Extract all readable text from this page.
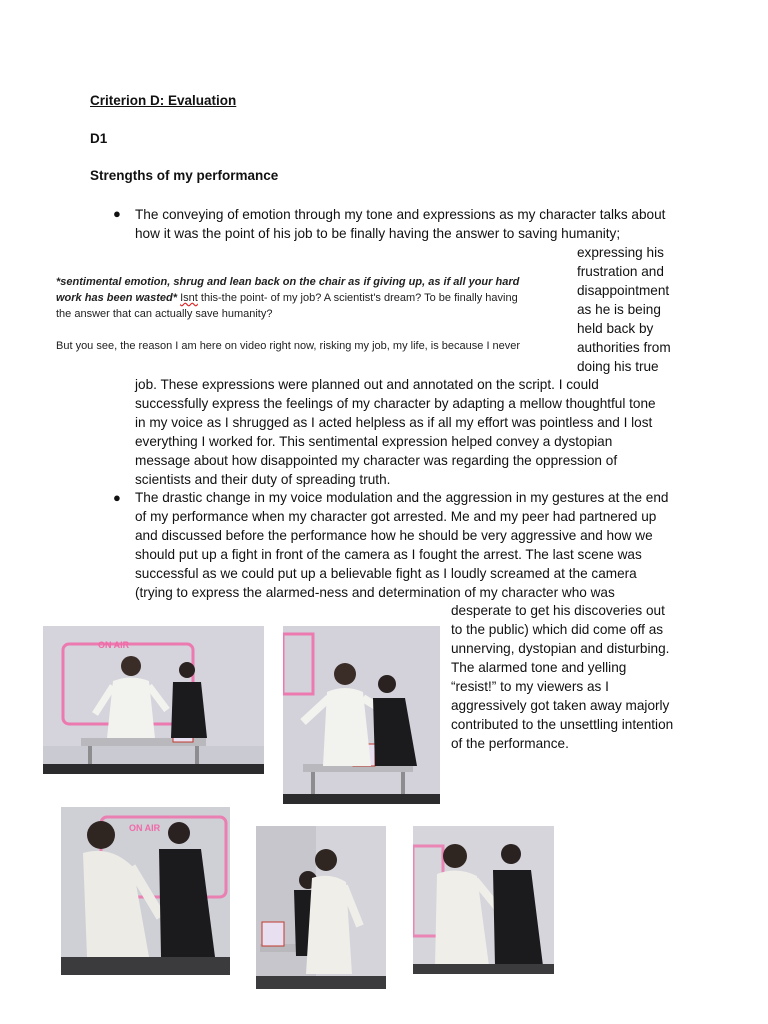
Criterion D: Evaluation
D1
Strengths of my performance
● The conveying of emotion through my tone and expressions as my character talks about
how it was the point of his job to be finally having the answer to saving humanity;
expressing his
frustration and
disappointment
as he is being
held back by
authorities from
doing his true
*sentimental emotion, shrug and lean back on the chair as if giving up, as if all your hard
work has been wasted* Isnt this-the point- of my job? A scientist's dream? To be finally having
the answer that can actually save humanity?
But you see, the reason I am here on video right now, risking my job, my life, is because I never
job. These expressions were planned out and annotated on the script. I could
successfully express the feelings of my character by adapting a mellow thoughtful tone
in my voice as I shrugged as I acted helpless as if all my effort was pointless and I lost
everything I worked for. This sentimental expression helped convey a dystopian
message about how disappointed my character was regarding the oppression of
scientists and their duty of spreading truth.
● The drastic change in my voice modulation and the aggression in my gestures at the end
of my performance when my character got arrested. Me and my peer had partnered up
and discussed before the performance how he should be very aggressive and how we
should put up a fight in front of the camera as I fought the arrest. The last scene was
successful as we could put up a believable fight as I loudly screamed at the camera
(trying to express the alarmed-ness and determination of my character who was
desperate to get his discoveries out
to the public) which did come off as
unnerving, dystopian and disturbing.
The alarmed tone and yelling
“resist!” to my viewers as I
aggressively got taken away majorly
contributed to the unsettling intention
of the performance.
ON AIR
ON AIR
